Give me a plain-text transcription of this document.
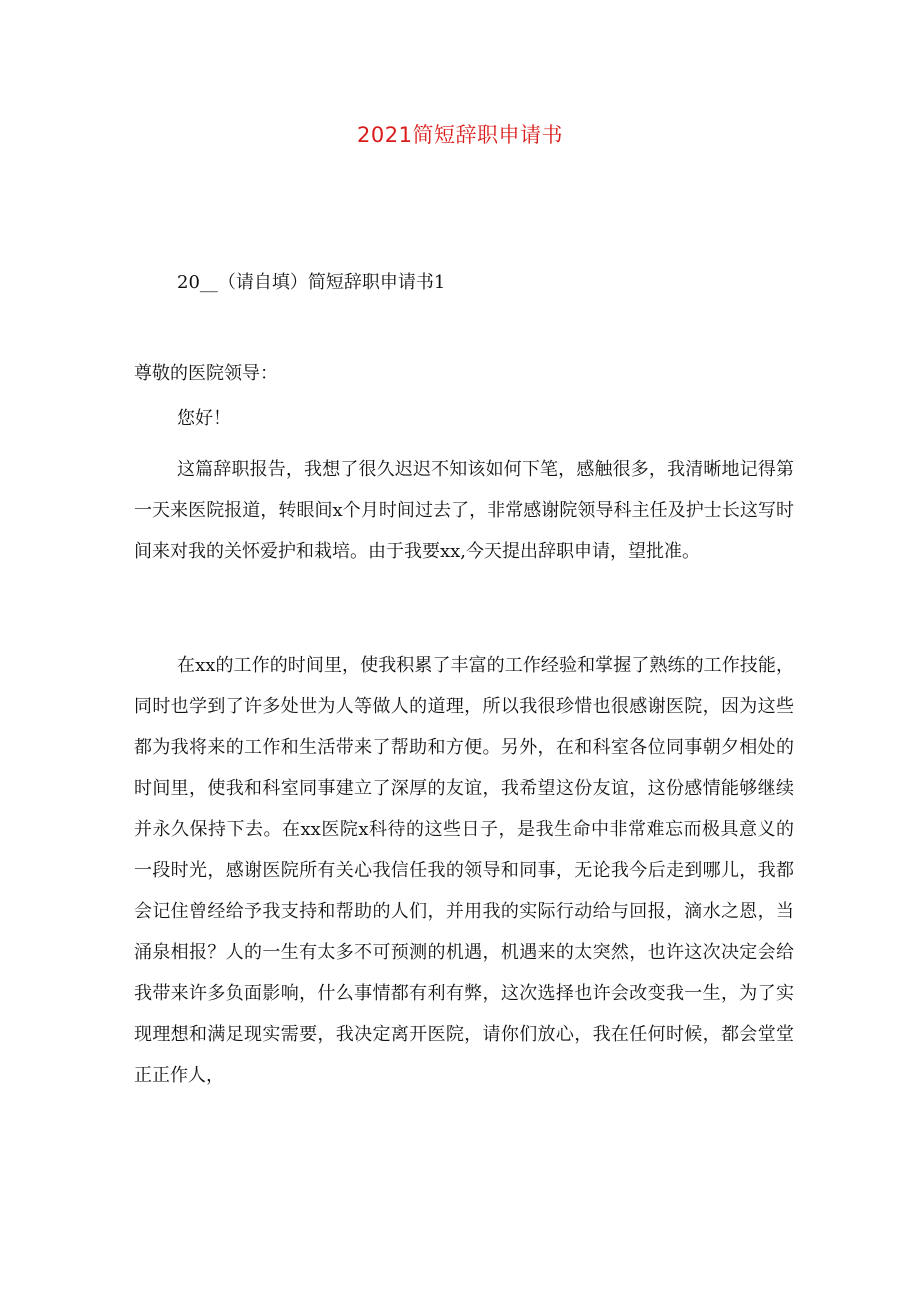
2021简短辞职申请书
20__（请自填）简短辞职申请书1
尊敬的医院领导：
您好！

这篇辞职报告，我想了很久迟迟不知该如何下笔，感触很多，我清晰地记得第一天来医院报道，转眼间x个月时间过去了，非常感谢院领导科主任及护士长这写时间来对我的关怀爱护和栽培。由于我要xx,今天提出辞职申请，望批准。

在xx的工作的时间里，使我积累了丰富的工作经验和掌握了熟练的工作技能，同时也学到了许多处世为人等做人的道理，所以我很珍惜也很感谢医院，因为这些都为我将来的工作和生活带来了帮助和方便。另外，在和科室各位同事朝夕相处的时间里，使我和科室同事建立了深厚的友谊，我希望这份友谊，这份感情能够继续并永久保持下去。在xx医院x科待的这些日子，是我生命中非常难忘而极具意义的一段时光，感谢医院所有关心我信任我的领导和同事，无论我今后走到哪儿，我都会记住曾经给予我支持和帮助的人们，并用我的实际行动给与回报，滴水之恩，当涌泉相报？人的一生有太多不可预测的机遇，机遇来的太突然，也许这次决定会给我带来许多负面影响，什么事情都有利有弊，这次选择也许会改变我一生，为了实现理想和满足现实需要，我决定离开医院，请你们放心，我在任何时候，都会堂堂正正作人，
